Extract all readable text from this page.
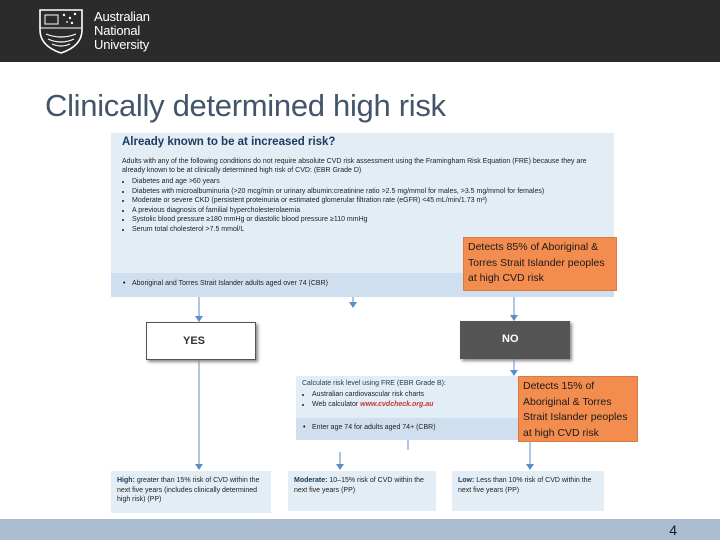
Australian
National
University
Clinically determined high risk
Already known to be at increased risk?
Adults with any of the following conditions do not require absolute CVD risk assessment using the Framingham Risk Equation (FRE) because they are already known to be at clinically determined high risk of CVD: (EBR Grade D)
• Diabetes and age >60 years
• Diabetes with microalbuminuria (>20 mcg/min or urinary albumin:creatinine ratio >2.5 mg/mmol for males, >3.5 mg/mmol for females)
• Moderate or severe CKD (persistent proteinuria or estimated glomerular filtration rate (eGFR) <45 mL/min/1.73 m²)
• A previous diagnosis of familial hypercholesterolaemia
• Systolic blood pressure ≥180 mmHg or diastolic blood pressure ≥110 mmHg
• Serum total cholesterol >7.5 mmol/L
• Aboriginal and Torres Strait Islander adults aged over 74 (CBR)
Detects 85% of Aboriginal & Torres Strait Islander peoples at high CVD risk
YES	NO
Calculate risk level using FRE (EBR Grade B):
• Australian cardiovascular risk charts
• Web calculator www.cvdcheck.org.au
• Enter age 74 for adults aged 74+ (CBR)
Detects 15% of Aboriginal & Torres Strait Islander peoples at high CVD risk
High: greater than 15% risk of CVD within the next five years (includes clinically determined high risk) (PP)
Moderate: 10–15% risk of CVD within the next five years (PP)
Low: Less than 10% risk of CVD within the next five years (PP)
4
